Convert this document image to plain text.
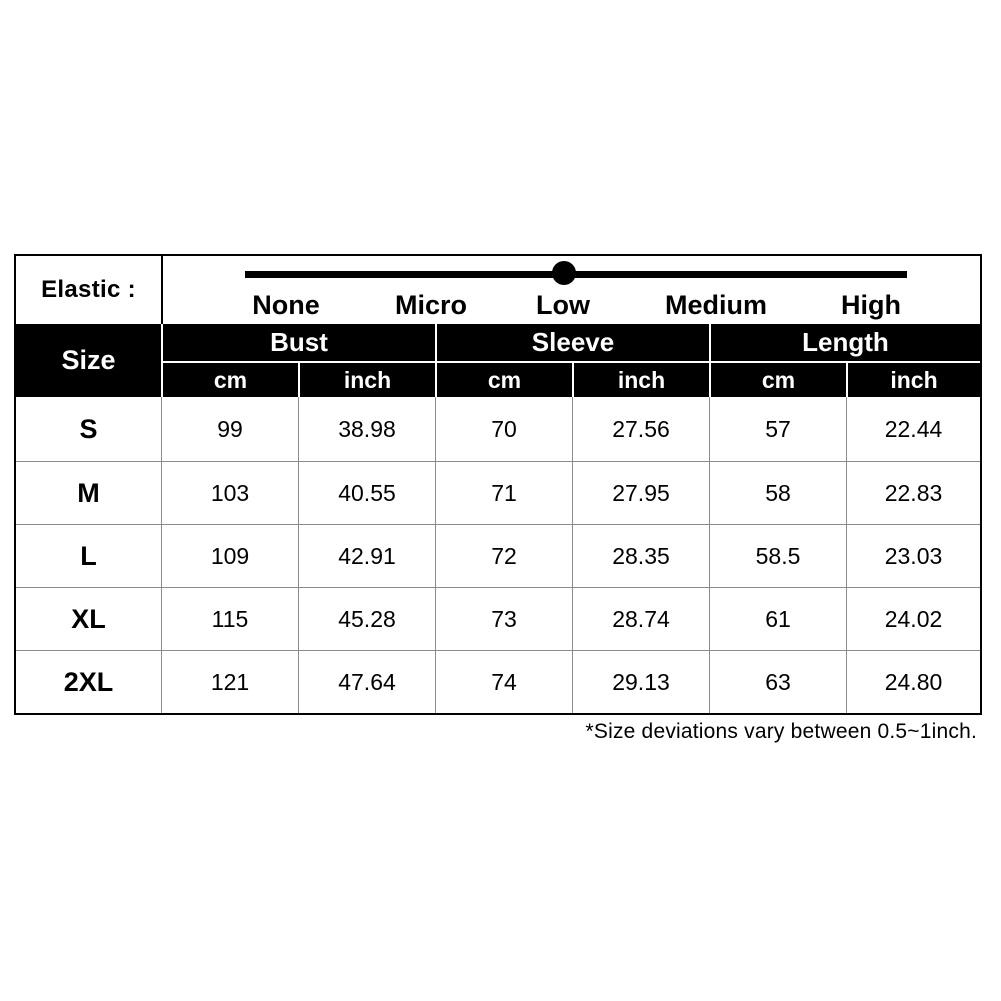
Elastic :	None	Micro	Low	Medium	High
Size
Bust	Sleeve	Length
cm	inch	cm	inch	cm	inch
S	99	38.98	70	27.56	57	22.44
M	103	40.55	71	27.95	58	22.83
L	109	42.91	72	28.35	58.5	23.03
XL	115	45.28	73	28.74	61	24.02
2XL	121	47.64	74	29.13	63	24.80
*Size deviations vary between 0.5~1inch.
